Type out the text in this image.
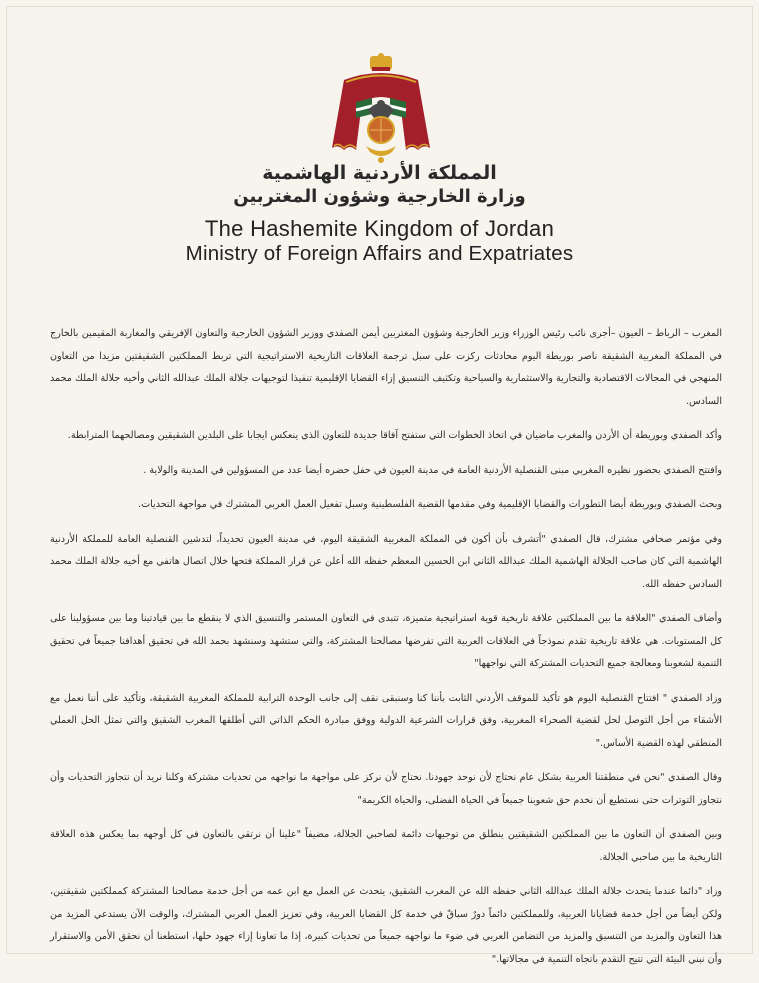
المملكة الأردنية الهاشمية
وزارة الخارجية وشؤون المغتربين
The Hashemite Kingdom of Jordan
Ministry of Foreign Affairs and Expatriates

المغرب – الرباط – العيون –أجرى نائب رئيس الوزراء وزير الخارجية وشؤون المغتربين أيمن الصفدي ووزير الشؤون الخارجية والتعاون الإفريقي والمغاربة المقيمين بالخارج في المملكة المغربية الشقيقة ناصر بوريطة اليوم محادثات ركزت على سبل ترجمة العلاقات التاريخية الاستراتيجية التي تربط المملكتين الشقيقتين مزيدا من التعاون المنهجي في المجالات الاقتصادية والتجارية والاستثمارية والسياحية وتكثيف التنسيق إزاء القضايا الإقليمية تنفيذا لتوجيهات جلالة الملك عبدالله الثاني وأخيه جلالة الملك محمد السادس.

وأكد الصفدي وبوريطة أن الأردن والمغرب ماضيان في اتخاذ الخطوات التي ستفتح آفاقا جديدة للتعاون الذي ينعكس ايجابا على البلدين الشقيقين ومصالحهما المترابطة.

وافتتح الصفدي بحضور نظيره المغربي مبنى القنصلية الأردنية العامة في مدينة العيون في حفل حضره أيضا عدد من المسؤولين في المدينة والولاية .

وبحث الصفدي وبوريطة أيضا التطورات والقضايا الإقليمية وفي مقدمها القضية الفلسطينية وسبل تفعيل العمل العربي المشترك في مواجهة التحديات.

وفي مؤتمر صحافي مشترك، قال الصفدي "أتشرف بأن أكون في المملكة المغربية الشقيقة اليوم، في مدينة العيون تحديداً، لتدشين القنصلية العامة للمملكة الأردنية الهاشمية التي كان صاحب الجلالة الهاشمية الملك عبدالله الثاني ابن الحسين المعظم حفظه الله أعلن عن قرار المملكة فتحها خلال اتصال هاتفي مع أخيه جلالة الملك محمد السادس حفظه الله.

وأضاف الصفدي "العلاقة ما بين المملكتين علاقة تاريخية قوية استراتيجية متميزة، تتبدى في التعاون المستمر والتنسيق الذي لا ينقطع ما بين قيادتينا وما بين مسؤولينا على كل المستويات. هي علاقة تاريخية تقدم نموذجاً في العلاقات العربية التي تفرضها مصالحنا المشتركة، والتي ستشهد وسنشهد بحمد الله في تحقيق أهدافنا جميعاً في تحقيق التنمية لشعوبنا ومعالجة جميع التحديات المشتركة التي نواجهها"

وزاد الصفدي " افتتاح القنصلية اليوم هو تأكيد للموقف الأردني الثابت بأننا كنا وسنبقى نقف إلى جانب الوحدة الترابية للمملكة المغربية الشقيقة، وتأكيد على أننا نعمل مع الأشقاء من أجل التوصل لحل لقضية الصحراء المغربية، وفق قرارات الشرعية الدولية ووفق مبادرة الحكم الذاتي التي أطلقها المغرب الشقيق والتي تمثل الحل العملي المنطقي لهذه القضية الأساس."

وقال الصفدي "نحن في منطقتنا العربية بشكل عام نحتاج لأن نوحد جهودنا. نحتاج لأن نركز على مواجهة ما نواجهه من تحديات مشتركة وكلنا نريد أن نتجاوز التحديات وأن نتجاوز التوترات حتى نستطيع أن نخدم حق شعوبنا جميعاً في الحياة الفضلى، والحياة الكريمة"

وبين الصفدي أن التعاون ما بين المملكتين الشقيقتين ينطلق من توجيهات دائمة لصاحبي الجلالة، مضيفاً "علينا أن نرتقي بالتعاون في كل أوجهه بما يعكس هذه العلاقة التاريخية ما بين صاحبي الجلالة.

وزاد "دائما عندما يتحدث جلالة الملك عبدالله الثاني حفظه الله عن المغرب الشقيق، يتحدث عن العمل مع ابن عمه من أجل خدمة مصالحنا المشتركة كمملكتين شقيقتين، ولكن أيضاً من أجل خدمة قضايانا العربية، وللمملكتين دائماً دورٌ سباقٌ في خدمة كل القضايا العربية، وفي تعزيز العمل العربي المشترك، والوقت الآن يستدعي المزيد من هذا التعاون والمزيد من التنسيق والمزيد من التضامن العربي في ضوء ما نواجهه جميعاً من تحديات كبيرة، إذا ما تعاونا إزاء جهود حلها، استطعنا أن نحقق الأمن والاستقرار وأن نبني البيئة التي تتيح التقدم باتجاه التنمية في مجالاتها."
